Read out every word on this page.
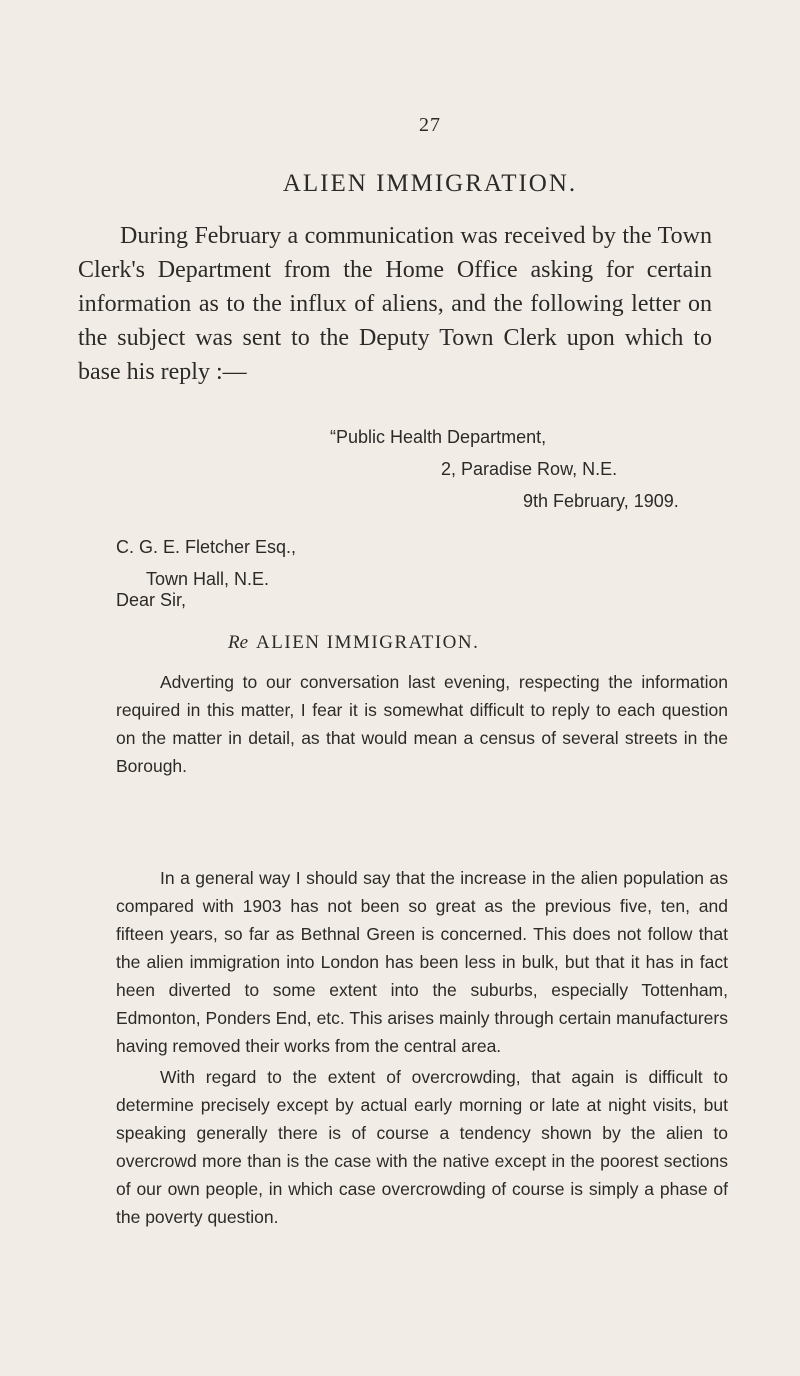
27
ALIEN IMMIGRATION.

During February a communication was received by the Town Clerk's Department from the Home Office asking for certain information as to the influx of aliens, and the following letter on the subject was sent to the Deputy Town Clerk upon which to base his reply :—

“Public Health Department,
2, Paradise Row, N.E.
9th February, 1909.
C. G. E. Fletcher Esq.,
Town Hall, N.E.
Dear Sir,
Re ALIEN IMMIGRATION.

Adverting to our conversation last evening, respecting the information required in this matter, I fear it is somewhat difficult to reply to each question on the matter in detail, as that would mean a census of several streets in the Borough.

In a general way I should say that the increase in the alien population as compared with 1903 has not been so great as the previous five, ten, and fifteen years, so far as Bethnal Green is concerned. This does not follow that the alien immigration into London has been less in bulk, but that it has in fact heen diverted to some extent into the suburbs, especially Tottenham, Edmonton, Ponders End, etc. This arises mainly through certain manufacturers having removed their works from the central area.

With regard to the extent of overcrowding, that again is difficult to determine precisely except by actual early morning or late at night visits, but speaking generally there is of course a tendency shown by the alien to overcrowd more than is the case with the native except in the poorest sections of our own people, in which case overcrowding of course is simply a phase of the poverty question.
